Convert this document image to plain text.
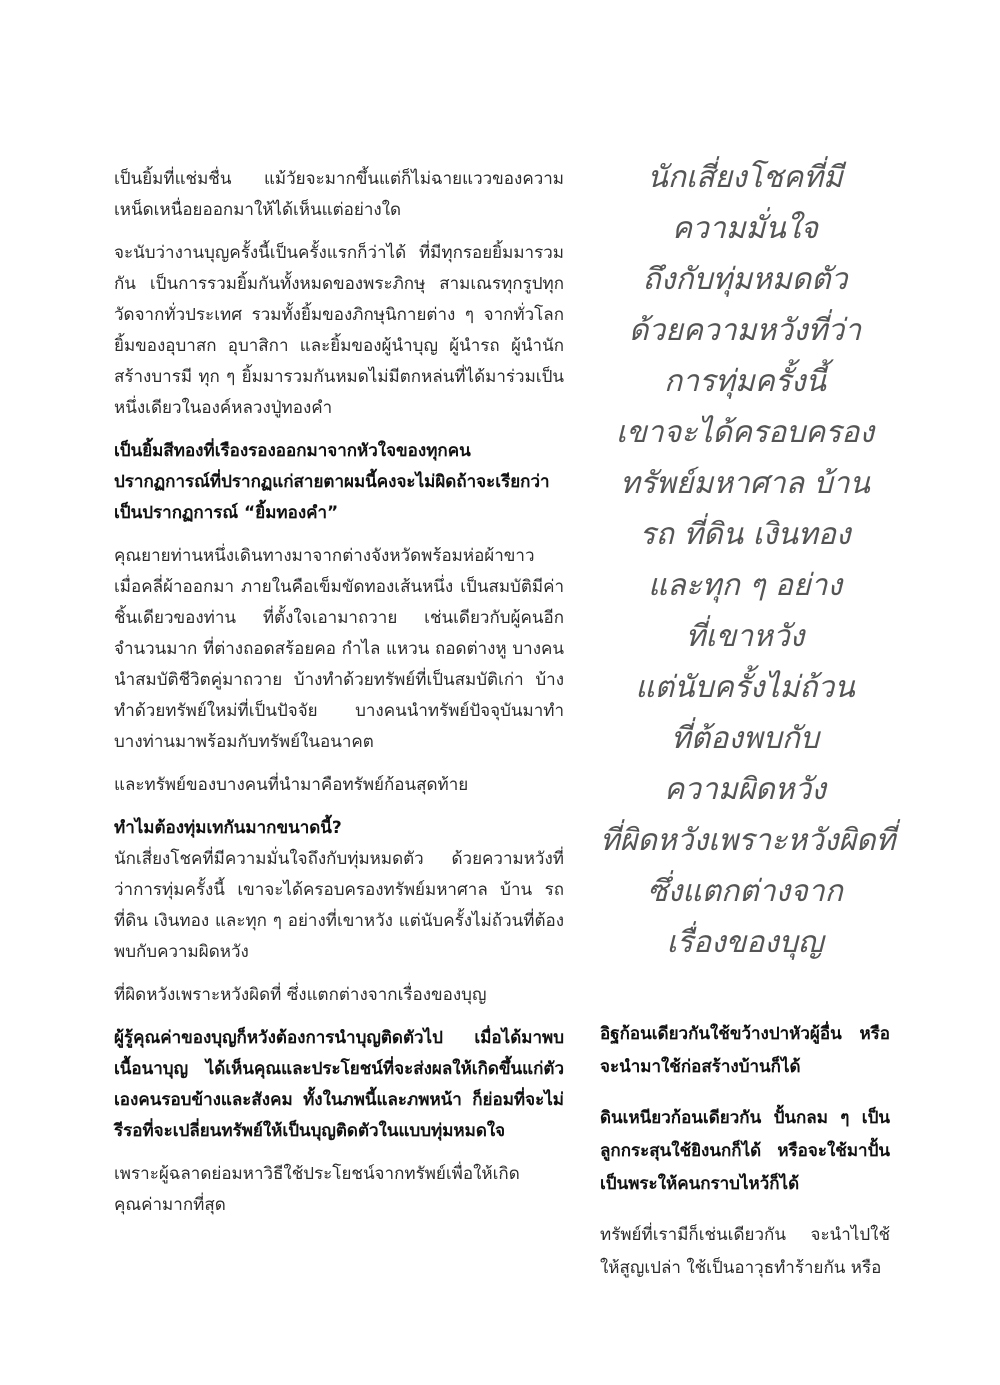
เป็นยิ้มที่แช่มชื่น แม้วัยจะมากขึ้นแต่ก็ไม่ฉายแววของความเหน็ดเหนื่อยออกมาให้ได้เห็นแต่อย่างใด

จะนับว่างานบุญครั้งนี้เป็นครั้งแรกก็ว่าได้ ที่มีทุกรอยยิ้มมารวมกัน เป็นการรวมยิ้มกันทั้งหมดของพระภิกษุ สามเณรทุกรูปทุกวัดจากทั่วประเทศ รวมทั้งยิ้มของภิกษุนิกายต่าง ๆ จากทั่วโลก ยิ้มของอุบาสก อุบาสิกา และยิ้มของผู้นำบุญ ผู้นำรถ ผู้นำนักสร้างบารมี ทุก ๆ ยิ้มมารวมกันหมดไม่มีตกหล่นที่ได้มาร่วมเป็นหนึ่งเดียวในองค์หลวงปู่ทองคำ

เป็นยิ้มสีทองที่เรืองรองออกมาจากหัวใจของทุกคน ปรากฏการณ์ที่ปรากฏแก่สายตาผมนี้คงจะไม่ผิดถ้าจะเรียกว่าเป็นปรากฏการณ์ “ยิ้มทองคำ”

คุณยายท่านหนึ่งเดินทางมาจากต่างจังหวัดพร้อมห่อผ้าขาว เมื่อคลี่ผ้าออกมา ภายในคือเข็มขัดทองเส้นหนึ่ง เป็นสมบัติมีค่าชิ้นเดียวของท่าน ที่ตั้งใจเอามาถวาย เช่นเดียวกับผู้คนอีกจำนวนมาก ที่ต่างถอดสร้อยคอ กำไล แหวน ถอดต่างหู บางคนนำสมบัติชีวิตคู่มาถวาย บ้างทำด้วยทรัพย์ที่เป็นสมบัติเก่า บ้างทำด้วยทรัพย์ใหม่ที่เป็นปัจจัย บางคนนำทรัพย์ปัจจุบันมาทำ บางท่านมาพร้อมกับทรัพย์ในอนาคต

และทรัพย์ของบางคนที่นำมาคือทรัพย์ก้อนสุดท้าย

ทำไมต้องทุ่มเทกันมากขนาดนี้?

นักเสี่ยงโชคที่มีความมั่นใจถึงกับทุ่มหมดตัว ด้วยความหวังที่ว่าการทุ่มครั้งนี้ เขาจะได้ครอบครองทรัพย์มหาศาล บ้าน รถ ที่ดิน เงินทอง และทุก ๆ อย่างที่เขาหวัง แต่นับครั้งไม่ถ้วนที่ต้องพบกับความผิดหวัง

ที่ผิดหวังเพราะหวังผิดที่ ซึ่งแตกต่างจากเรื่องของบุญ

ผู้รู้คุณค่าของบุญก็หวังต้องการนำบุญติดตัวไป เมื่อได้มาพบเนื้อนาบุญ ได้เห็นคุณและประโยชน์ที่จะส่งผลให้เกิดขึ้นแก่ตัวเองคนรอบข้างและสังคม ทั้งในภพนี้และภพหน้า ก็ย่อมที่จะไม่รีรอที่จะเปลี่ยนทรัพย์ให้เป็นบุญติดตัวในแบบทุ่มหมดใจ

เพราะผู้ฉลาดย่อมหาวิธีใช้ประโยชน์จากทรัพย์เพื่อให้เกิดคุณค่ามากที่สุด

นักเสี่ยงโชคที่มี
ความมั่นใจ
ถึงกับทุ่มหมดตัว
ด้วยความหวังที่ว่า
การทุ่มครั้งนี้
เขาจะได้ครอบครอง
ทรัพย์มหาศาล บ้าน
รถ ที่ดิน เงินทอง
และทุก ๆ อย่าง
ที่เขาหวัง
แต่นับครั้งไม่ถ้วน
ที่ต้องพบกับ
ความผิดหวัง
ที่ผิดหวังเพราะหวังผิดที่
ซึ่งแตกต่างจาก
เรื่องของบุญ

อิฐก้อนเดียวกันใช้ขว้างปาหัวผู้อื่น หรือจะนำมาใช้ก่อสร้างบ้านก็ได้

ดินเหนียวก้อนเดียวกัน ปั้นกลม ๆ เป็นลูกกระสุนใช้ยิงนกก็ได้ หรือจะใช้มาปั้นเป็นพระให้คนกราบไหว้ก็ได้

ทรัพย์ที่เรามีก็เช่นเดียวกัน จะนำไปใช้ให้สูญเปล่า ใช้เป็นอาวุธทำร้ายกัน หรือ
